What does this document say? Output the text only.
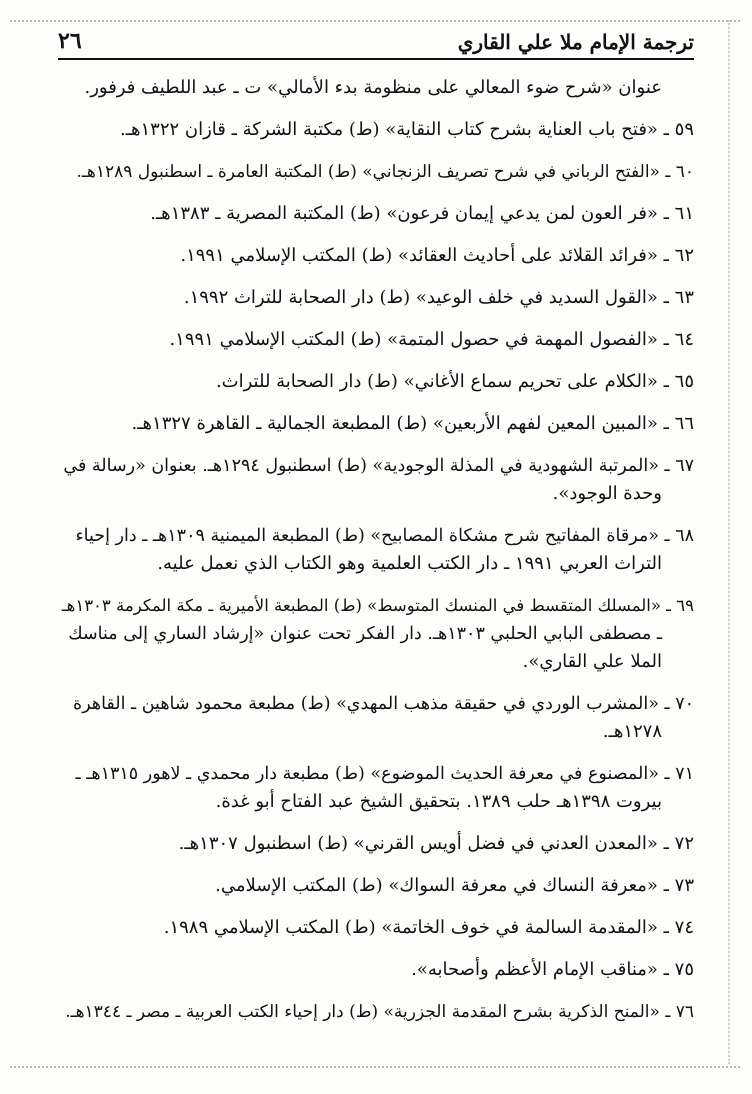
ترجمة الإمام ملا علي القاري
٢٦
عنوان «شرح ضوء المعالي على منظومة بدء الأمالي» ت ـ عبد اللطيف فرفور.
٥٩ ـ «فتح باب العناية بشرح كتاب النقاية» (ط) مكتبة الشركة ـ قازان ١٣٢٢هـ.
٦٠ ـ «الفتح الرباني في شرح تصريف الزنجاني» (ط) المكتبة العامرة ـ اسطنبول ١٢٨٩هـ.
٦١ ـ «فر العون لمن يدعي إيمان فرعون» (ط) المكتبة المصرية ـ ١٣٨٣هـ.
٦٢ ـ «فرائد القلائد على أحاديث العقائد» (ط) المكتب الإسلامي ١٩٩١.
٦٣ ـ «القول السديد في خلف الوعيد» (ط) دار الصحابة للتراث ١٩٩٢.
٦٤ ـ «الفصول المهمة في حصول المتمة» (ط) المكتب الإسلامي ١٩٩١.
٦٥ ـ «الكلام على تحريم سماع الأغاني» (ط) دار الصحابة للتراث.
٦٦ ـ «المبين المعين لفهم الأربعين» (ط) المطبعة الجمالية ـ القاهرة ١٣٢٧هـ.
٦٧ ـ «المرتبة الشهودية في المذلة الوجودية» (ط) اسطنبول ١٢٩٤هـ. بعنوان «رسالة في
وحدة الوجود».
٦٨ ـ «مرقاة المفاتيح شرح مشكاة المصابيح» (ط) المطبعة الميمنية ١٣٠٩هـ ـ دار إحياء
التراث العربي ١٩٩١ ـ دار الكتب العلمية وهو الكتاب الذي نعمل عليه.
٦٩ ـ «المسلك المتقسط في المنسك المتوسط» (ط) المطبعة الأميرية ـ مكة المكرمة ١٣٠٣هـ
ـ مصطفى البابي الحلبي ١٣٠٣هـ. دار الفكر تحت عنوان «إرشاد الساري إلى مناسك
الملا علي القاري».
٧٠ ـ «المشرب الوردي في حقيقة مذهب المهدي» (ط) مطبعة محمود شاهين ـ القاهرة
١٢٧٨هـ.
٧١ ـ «المصنوع في معرفة الحديث الموضوع» (ط) مطبعة دار محمدي ـ لاهور ١٣١٥هـ ـ
بيروت ١٣٩٨هـ حلب ١٣٨٩. بتحقيق الشيخ عبد الفتاح أبو غدة.
٧٢ ـ «المعدن العدني في فضل أويس القرني» (ط) اسطنبول ١٣٠٧هـ.
٧٣ ـ «معرفة النساك في معرفة السواك» (ط) المكتب الإسلامي.
٧٤ ـ «المقدمة السالمة في خوف الخاتمة» (ط) المكتب الإسلامي ١٩٨٩.
٧٥ ـ «مناقب الإمام الأعظم وأصحابه».
٧٦ ـ «المنح الذكرية بشرح المقدمة الجزرية» (ط) دار إحياء الكتب العربية ـ مصر ـ ١٣٤٤هـ.
